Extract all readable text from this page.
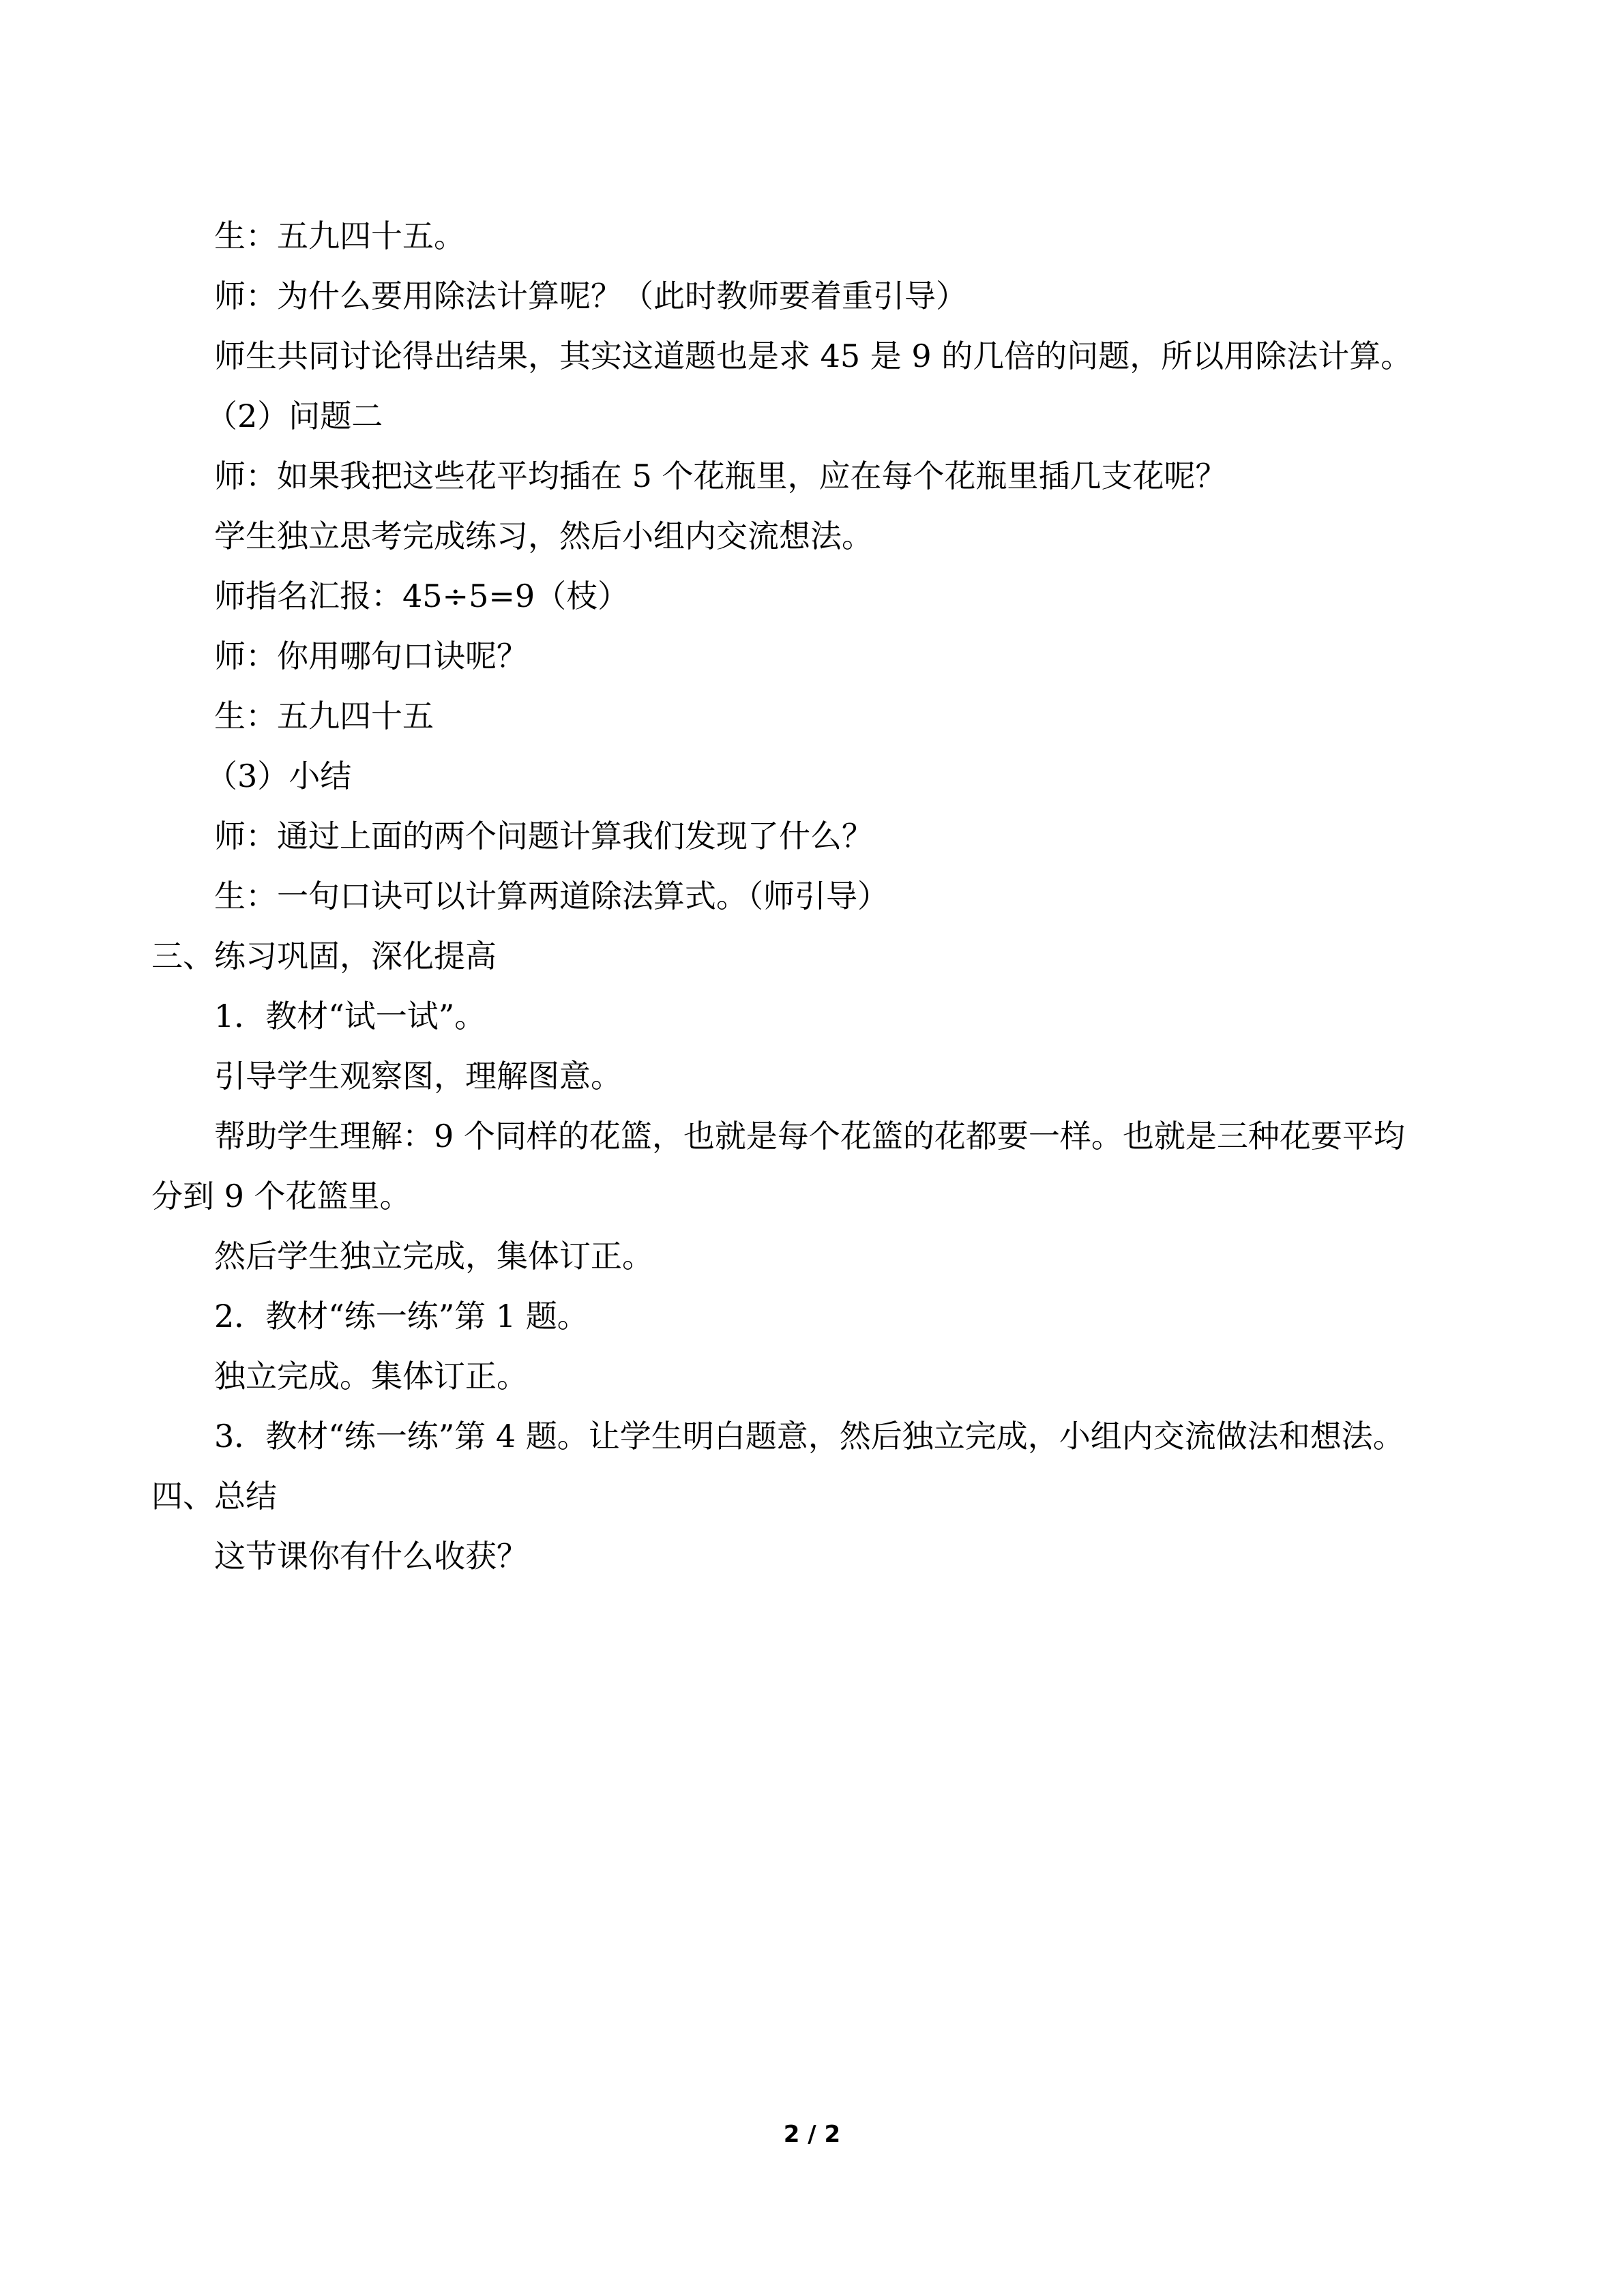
生：五九四十五。

师：为什么要用除法计算呢？（此时教师要着重引导）

师生共同讨论得出结果，其实这道题也是求 45 是 9 的几倍的问题，所以用除法计算。

（2）问题二

师：如果我把这些花平均插在 5 个花瓶里，应在每个花瓶里插几支花呢？

学生独立思考完成练习，然后小组内交流想法。

师指名汇报：45÷5=9（枝）

师：你用哪句口诀呢？

生：五九四十五

（3）小结

师：通过上面的两个问题计算我们发现了什么？

生：一句口诀可以计算两道除法算式。（师引导）

三、练习巩固，深化提高

1．教材“试一试”。

引导学生观察图，理解图意。

帮助学生理解：9 个同样的花篮，也就是每个花篮的花都要一样。也就是三种花要平均

分到 9 个花篮里。

然后学生独立完成，集体订正。

2．教材“练一练”第 1 题。

独立完成。集体订正。

3．教材“练一练”第 4 题。让学生明白题意，然后独立完成，小组内交流做法和想法。

四、总结

这节课你有什么收获？

2 / 2
